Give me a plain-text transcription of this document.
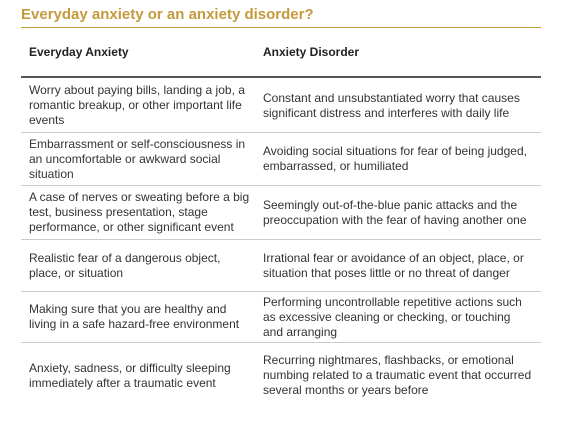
Everyday anxiety or an anxiety disorder?
Everyday Anxiety	Anxiety Disorder
Worry about paying bills, landing a job, a romantic breakup, or other important life events
Constant and unsubstantiated worry that causes significant distress and interferes with daily life
Embarrassment or self-consciousness in an uncomfortable or awkward social situation
Avoiding social situations for fear of being judged, embarrassed, or humiliated
A case of nerves or sweating before a big test, business presentation, stage performance, or other significant event
Seemingly out-of-the-blue panic attacks and the preoccupation with the fear of having another one
Realistic fear of a dangerous object, place, or situation
Irrational fear or avoidance of an object, place, or situation that poses little or no threat of danger
Making sure that you are healthy and living in a safe hazard-free environment
Performing uncontrollable repetitive actions such as excessive cleaning or checking, or touching and arranging
Anxiety, sadness, or difficulty sleeping immediately after a traumatic event
Recurring nightmares, flashbacks, or emotional numbing related to a traumatic event that occurred several months or years before
